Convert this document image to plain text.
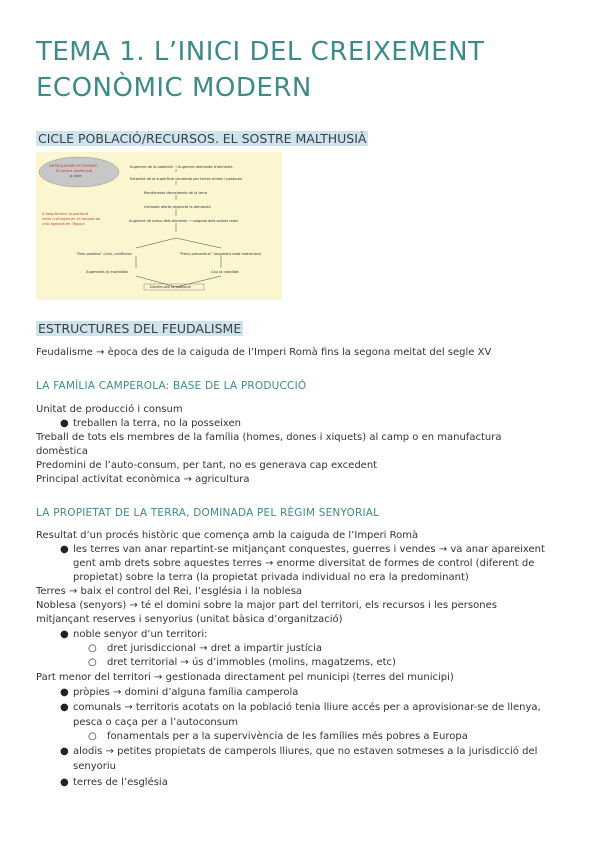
TEMA 1. L’INICI DEL CREIXEMENT
ECONÒMIC MODERN
CICLE POBLACIÓ/RECURSOS. EL SOSTRE MALTHUSIÀ
DESEQUILIBRI ECONÒMIC
El sostre malthusià
o cicle
A llarg termini la població
creix i col·lapsa en el context de
crisi agrícola en l’època
Augment de la població → Augment demanda d’aliments
Extensió de la superfície conreada per terres ermes i pastures
Rendiments decreixents de la terra
Limitada oferta respecte la demanda
Augment de preus dels aliments → caiguda dels salaris reals
“Fam positiva” (crisi, conflictes	“Frens preventius” (augment edat matrimoni)
Augmenta la mortalitat	Cau la natalitat
Disminueix la població
ESTRUCTURES DEL FEUDALISME
Feudalisme → època des de la caiguda de l’Imperi Romà fins la segona meitat del segle XV
LA FAMÍLIA CAMPEROLA: BASE DE LA PRODUCCIÓ
Unitat de producció i consum
● treballen la terra, no la posseixen
Treball de tots els membres de la família (homes, dones i xiquets) al camp o en manufactura
domèstica
Predomini de l’auto-consum, per tant, no es generava cap excedent
Principal activitat econòmica → agricultura
LA PROPIETAT DE LA TERRA, DOMINADA PEL RÈGIM SENYORIAL
Resultat d’un procés històric que comença amb la caiguda de l’Imperi Romà
● les terres van anar repartint-se mitjançant conquestes, guerres i vendes → va anar apareixent
gent amb drets sobre aquestes terres → enorme diversitat de formes de control (diferent de
propietat) sobre la terra (la propietat privada individual no era la predominant)
Terres → baix el control del Rei, l’església i la noblesa
Noblesa (senyors) → té el domini sobre la major part del territori, els recursos i les persones
mitjançant reserves i senyorius (unitat bàsica d’organització)
● noble senyor d’un territori:
○ dret jurisdiccional → dret a impartir justícia
○ dret territorial → ús d’immobles (molins, magatzems, etc)
Part menor del territori → gestionada directament pel municipi (terres del municipi)
● pròpies → domini d’alguna família camperola
● comunals → territoris acotats on la població tenia lliure accés per a aprovisionar-se de llenya,
pesca o caça per a l’autoconsum
○ fonamentals per a la supervivència de les famílies més pobres a Europa
● alodis → petites propietats de camperols lliures, que no estaven sotmeses a la jurisdicció del
senyoriu
● terres de l’església
